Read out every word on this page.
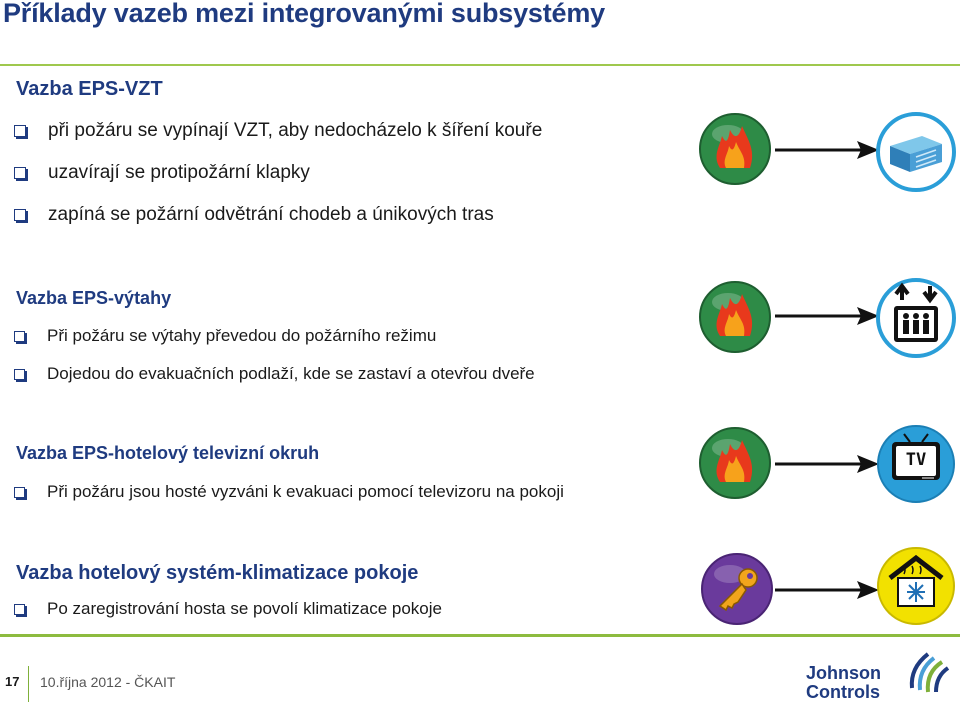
Příklady vazeb mezi integrovanými subsystémy
Vazba EPS-VZT
při požáru se vypínají VZT, aby nedocházelo k šíření kouře
uzavírají se protipožární klapky
zapíná se požární odvětrání chodeb a únikových tras
Vazba EPS-výtahy
Při požáru se výtahy převedou do požárního režimu
Dojedou do evakuačních podlaží, kde se zastaví a otevřou dveře
Vazba EPS-hotelový televizní okruh
Při požáru jsou hosté vyzváni k evakuaci pomocí televizoru na pokoji
Vazba hotelový systém-klimatizace pokoje
Po zaregistrování hosta se povolí klimatizace pokoje
TV
17 10.října 2012 - ČKAIT	Johnson
Controls
